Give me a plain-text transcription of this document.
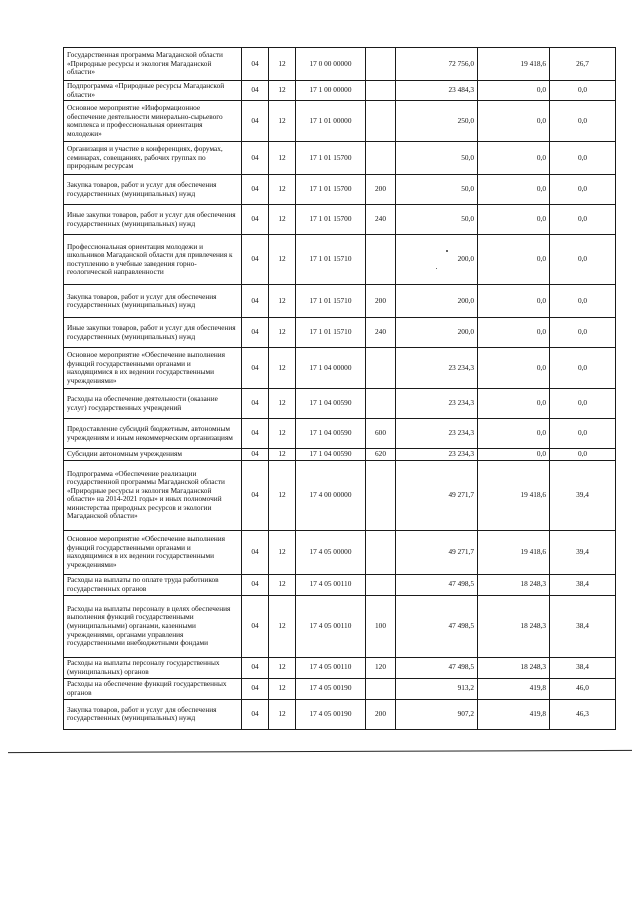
Государственная программа Магаданской области «Природные ресурсы и экология Магаданской области»	04	12	17 0 00 00000		72 756,0	19 418,6	26,7
Подпрограмма «Природные ресурсы Магаданской области»	04	12	17 1 00 00000		23 484,3	0,0	0,0
Основное мероприятие «Информационное обеспечение деятельности минерально-сырьевого комплекса и профессиональная ориентация молодежи»	04	12	17 1 01 00000		250,0	0,0	0,0
Организация и участие в конференциях, форумах, семинарах, совещаниях, рабочих группах по природным ресурсам	04	12	17 1 01 15700		50,0	0,0	0,0
Закупка товаров, работ и услуг для обеспечения государственных (муниципальных) нужд	04	12	17 1 01 15700	200	50,0	0,0	0,0
Иные закупки товаров, работ и услуг для обеспечения государственных (муниципальных) нужд	04	12	17 1 01 15700	240	50,0	0,0	0,0
Профессиональная ориентация молодежи и школьников Магаданской области для привлечения к поступлению в учебные заведения горно-геологической направленности	04	12	17 1 01 15710		200,0	0,0	0,0
Закупка товаров, работ и услуг для обеспечения государственных (муниципальных) нужд	04	12	17 1 01 15710	200	200,0	0,0	0,0
Иные закупки товаров, работ и услуг для обеспечения государственных (муниципальных) нужд	04	12	17 1 01 15710	240	200,0	0,0	0,0
Основное мероприятие «Обеспечение выполнения функций государственными органами и находящимися в их ведении государственными учреждениями»	04	12	17 1 04 00000		23 234,3	0,0	0,0
Расходы на обеспечение деятельности (оказание услуг) государственных учреждений	04	12	17 1 04 00590		23 234,3	0,0	0,0
Предоставление субсидий бюджетным, автономным учреждениям и иным некоммерческим организациям	04	12	17 1 04 00590	600	23 234,3	0,0	0,0
Субсидии автономным учреждениям	04	12	17 1 04 00590	620	23 234,3	0,0	0,0
Подпрограмма «Обеспечение реализации государственной программы Магаданской области «Природные ресурсы и экология Магаданской области» на 2014-2021 годы» и иных полномочий министерства природных ресурсов и экологии Магаданской области»	04	12	17 4 00 00000		49 271,7	19 418,6	39,4
Основное мероприятие «Обеспечение выполнения функций государственными органами и находящимися в их ведении государственными учреждениями»	04	12	17 4 05 00000		49 271,7	19 418,6	39,4
Расходы на выплаты по оплате труда работников государственных органов	04	12	17 4 05 00110		47 498,5	18 248,3	38,4
Расходы на выплаты персоналу в целях обеспечения выполнения функций государственными (муниципальными) органами, казенными учреждениями, органами управления государственными внебюджетными фондами	04	12	17 4 05 00110	100	47 498,5	18 248,3	38,4
Расходы на выплаты персоналу государственных (муниципальных) органов	04	12	17 4 05 00110	120	47 498,5	18 248,3	38,4
Расходы на обеспечение функций государственных органов	04	12	17 4 05 00190		913,2	419,8	46,0
Закупка товаров, работ и услуг для обеспечения государственных (муниципальных) нужд	04	12	17 4 05 00190	200	907,2	419,8	46,3
